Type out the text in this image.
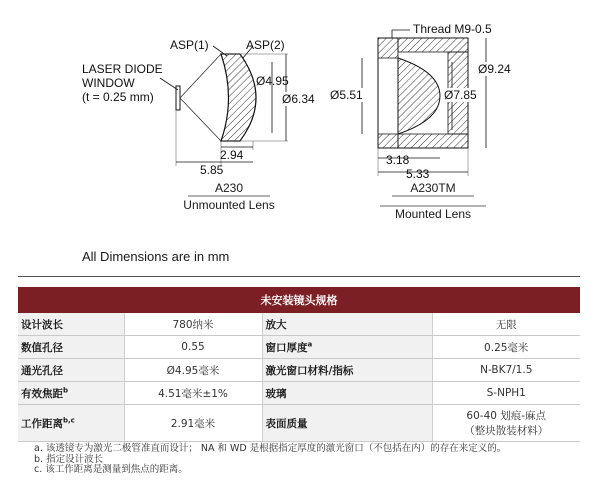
ASP(1)	ASP(2)
LASER DIODE
WINDOW
(t = 0.25 mm)
Ø4.95
Ø6.34
2.94
5.85
A230
Unmounted Lens
Thread M9-0.5
Ø5.51
Ø9.24
Ø7.85
3.18
5.33
A230TM
Mounted Lens
All Dimensions are in mm
未安装镜头规格			
设计波长	780纳米	放大	无限
数值孔径	0.55	窗口厚度$^a$	0.25毫米
通光孔径	Ø4.95毫米	激光窗口材料/指标	N-BK7/1.5
有效焦距$^b$	4.51毫米±1%	玻璃	S-NPH1
工作距离$^{b,c}$	2.91毫米	表面质量	60-40 划痕-麻点
（整块散装材料）
a. 该透镜专为激光二极管准直而设计； NA 和 WD 是根据指定厚度的激光窗口（不包括在内）的存在来定义的。
b. 指定设计波长
c. 该工作距离是测量到焦点的距离。
